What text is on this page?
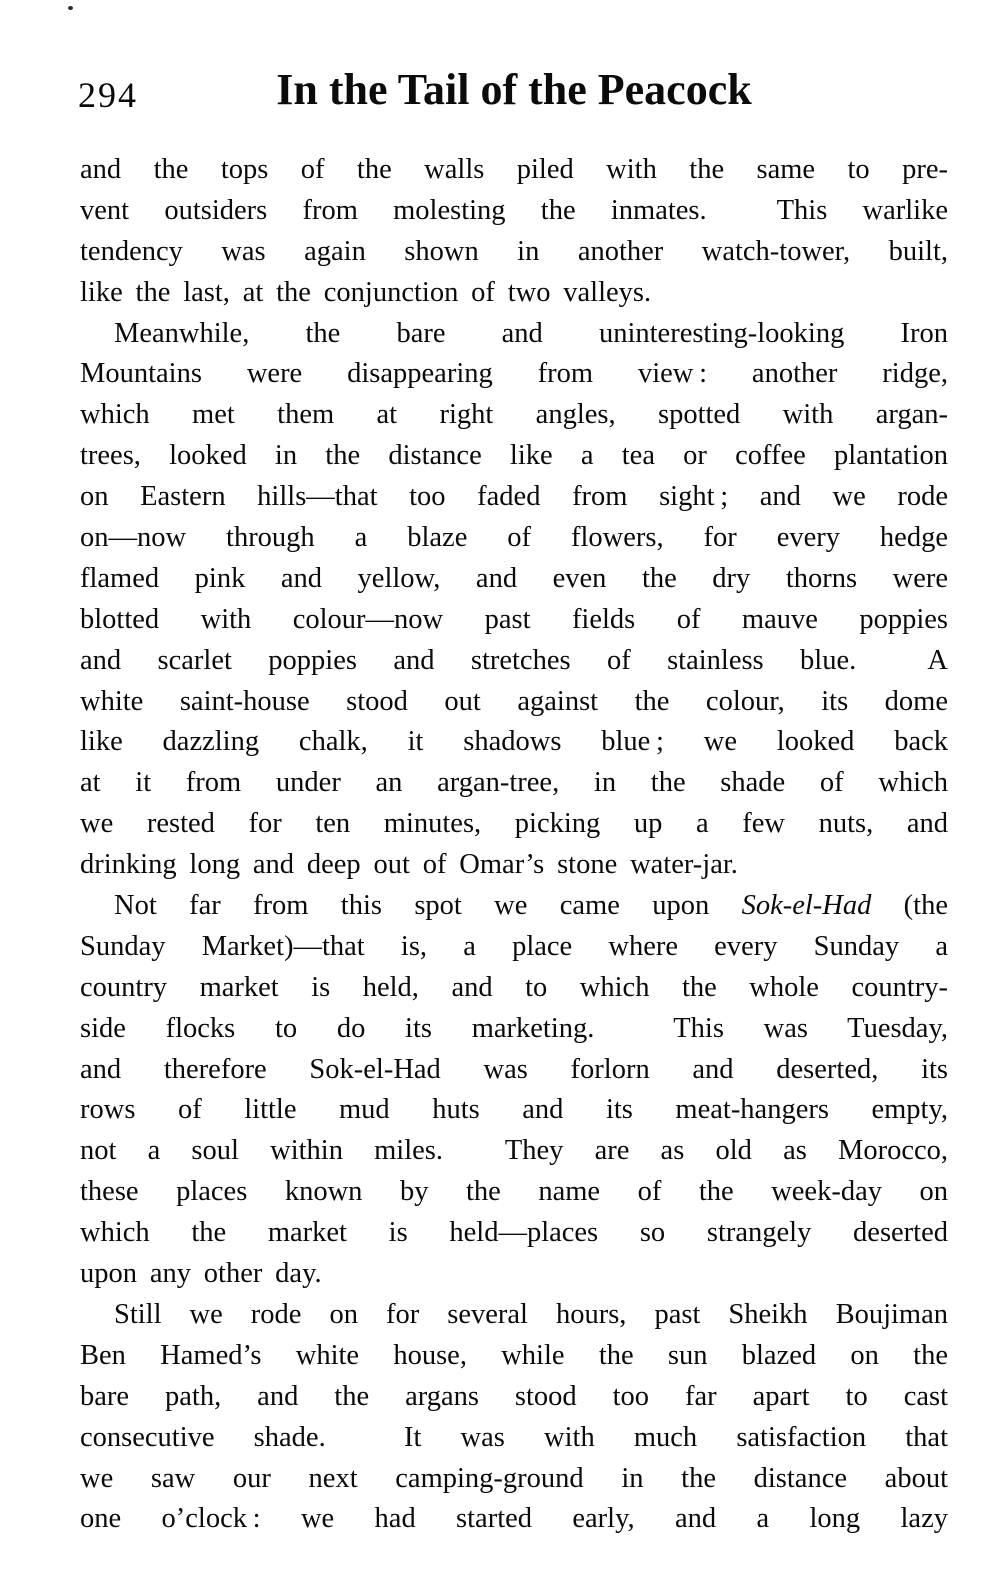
294	In the Tail of the Peacock
and the tops of the walls piled with the same to pre-
vent outsiders from molesting the inmates.  This warlike
tendency was again shown in another watch-tower, built,
like the last, at the conjunction of two valleys.
Meanwhile, the bare and uninteresting-looking Iron
Mountains were disappearing from view : another ridge,
which met them at right angles, spotted with argan-
trees, looked in the distance like a tea or coffee plantation
on Eastern hills—that too faded from sight ; and we rode
on—now through a blaze of flowers, for every hedge
flamed pink and yellow, and even the dry thorns were
blotted with colour—now past fields of mauve poppies
and scarlet poppies and stretches of stainless blue.  A
white saint-house stood out against the colour, its dome
like dazzling chalk, it shadows blue ; we looked back
at it from under an argan-tree, in the shade of which
we rested for ten minutes, picking up a few nuts, and
drinking long and deep out of Omar’s stone water-jar.
Not far from this spot we came upon Sok-el-Had (the
Sunday Market)—that is, a place where every Sunday a
country market is held, and to which the whole country-
side flocks to do its marketing.  This was Tuesday,
and therefore Sok-el-Had was forlorn and deserted, its
rows of little mud huts and its meat-hangers empty,
not a soul within miles.  They are as old as Morocco,
these places known by the name of the week-day on
which the market is held—places so strangely deserted
upon any other day.
Still we rode on for several hours, past Sheikh Boujiman
Ben Hamed’s white house, while the sun blazed on the
bare path, and the argans stood too far apart to cast
consecutive shade.  It was with much satisfaction that
we saw our next camping-ground in the distance about
one o’clock : we had started early, and a long lazy
